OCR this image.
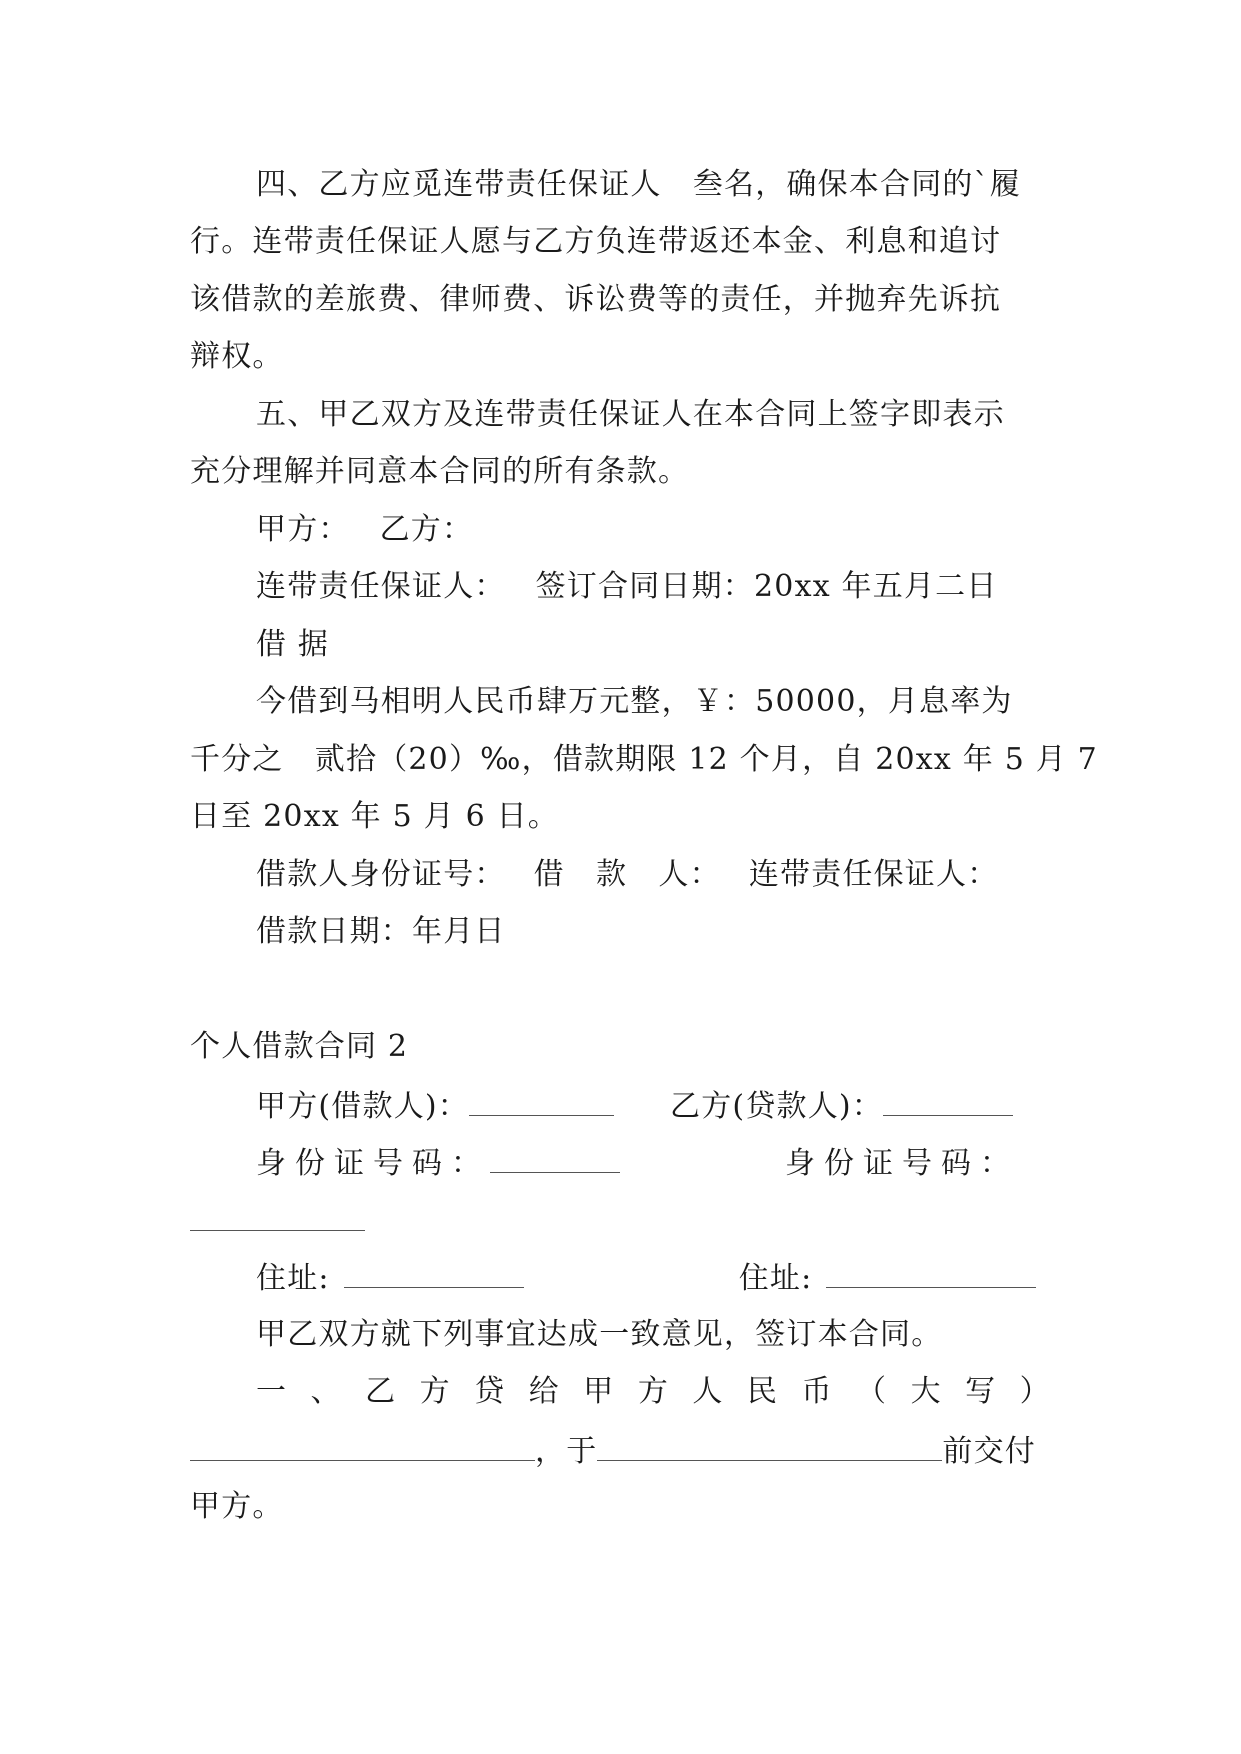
四、乙方应觅连带责任保证人　叁名，确保本合同的`履
行。连带责任保证人愿与乙方负连带返还本金、利息和追讨
该借款的差旅费、律师费、诉讼费等的责任，并抛弃先诉抗
辩权。
五、甲乙双方及连带责任保证人在本合同上签字即表示
充分理解并同意本合同的所有条款。
甲方： 乙方：
连带责任保证人： 签订合同日期：20xx 年五月二日
借 据
今借到马相明人民币肆万元整，￥：50000，月息率为
千分之　贰拾（20）‰，借款期限 12 个月，自 20xx 年 5 月 7
日至 20xx 年 5 月 6 日。
借款人身份证号： 借　款　人： 连带责任保证人：
借款日期：年月日
个人借款合同 2
甲方(借款人)：	乙方(贷款人)：
身份证号码：	身份证号码：
住址:	住址:
甲乙双方就下列事宜达成一致意见，签订本合同。
一 、 乙 方 贷 给 甲 方 人 民 币 （ 大 写 ）
，于	前交付
甲方。
